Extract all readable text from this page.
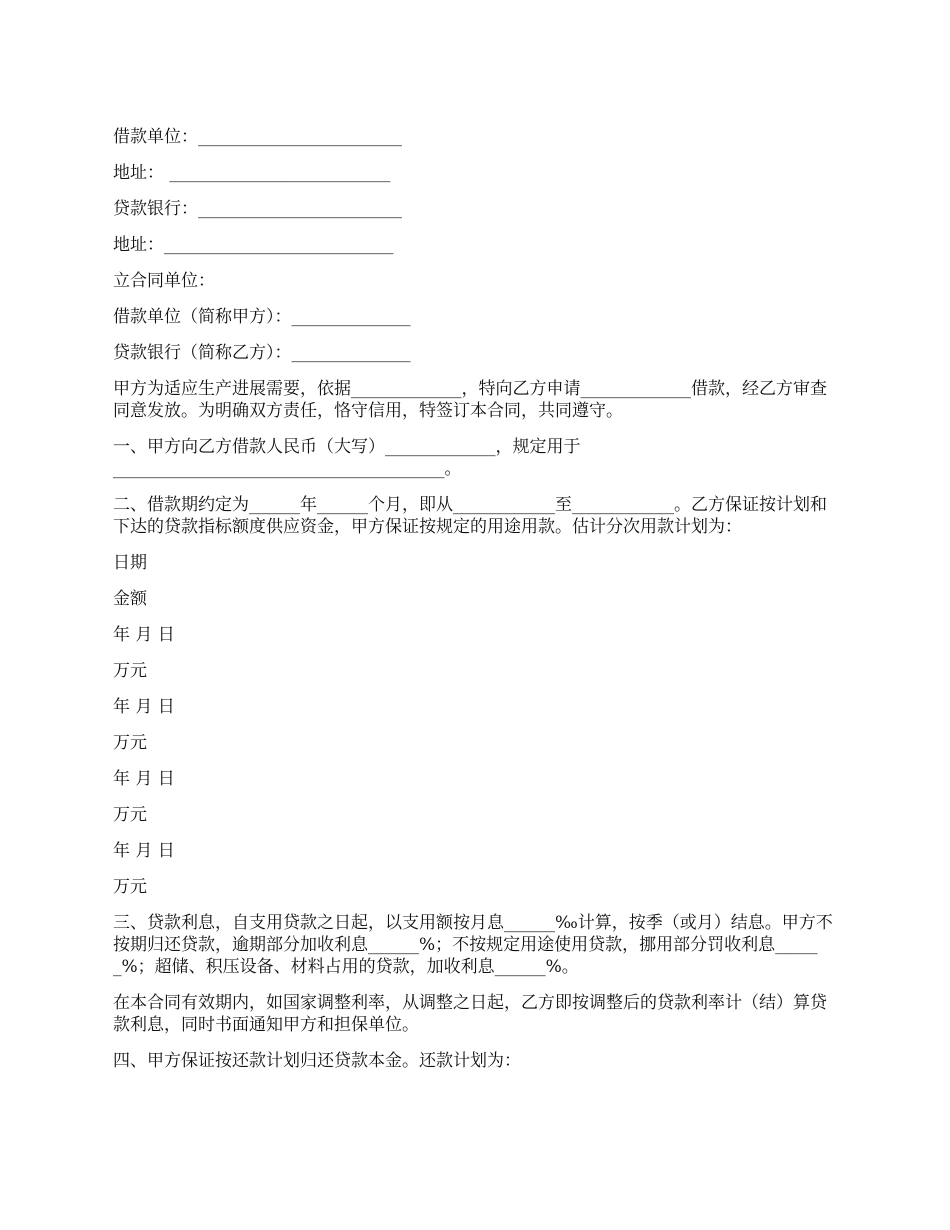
借款单位：________________________

地址： __________________________

贷款银行：________________________

地址：___________________________

立合同单位：

借款单位（简称甲方）：______________

贷款银行（简称乙方）：______________

甲方为适应生产进展需要，依据_____________，特向乙方申请_____________借款，经乙方审查同意发放。为明确双方责任，恪守信用，特签订本合同，共同遵守。

一、甲方向乙方借款人民币（大写）_____________，规定用于
_______________________________________。

二、借款期约定为______年______个月，即从____________至____________。乙方保证按计划和下达的贷款指标额度供应资金，甲方保证按规定的用途用款。估计分次用款计划为：

日期

金额

年 月 日

万元

年 月 日

万元

年 月 日

万元

年 月 日

万元

三、贷款利息，自支用贷款之日起，以支用额按月息______‰计算，按季（或月）结息。甲方不按期归还贷款，逾期部分加收利息______%；不按规定用途使用贷款，挪用部分罚收利息______%；超储、积压设备、材料占用的贷款，加收利息______%。

在本合同有效期内，如国家调整利率，从调整之日起，乙方即按调整后的贷款利率计（结）算贷款利息，同时书面通知甲方和担保单位。

四、甲方保证按还款计划归还贷款本金。还款计划为：
